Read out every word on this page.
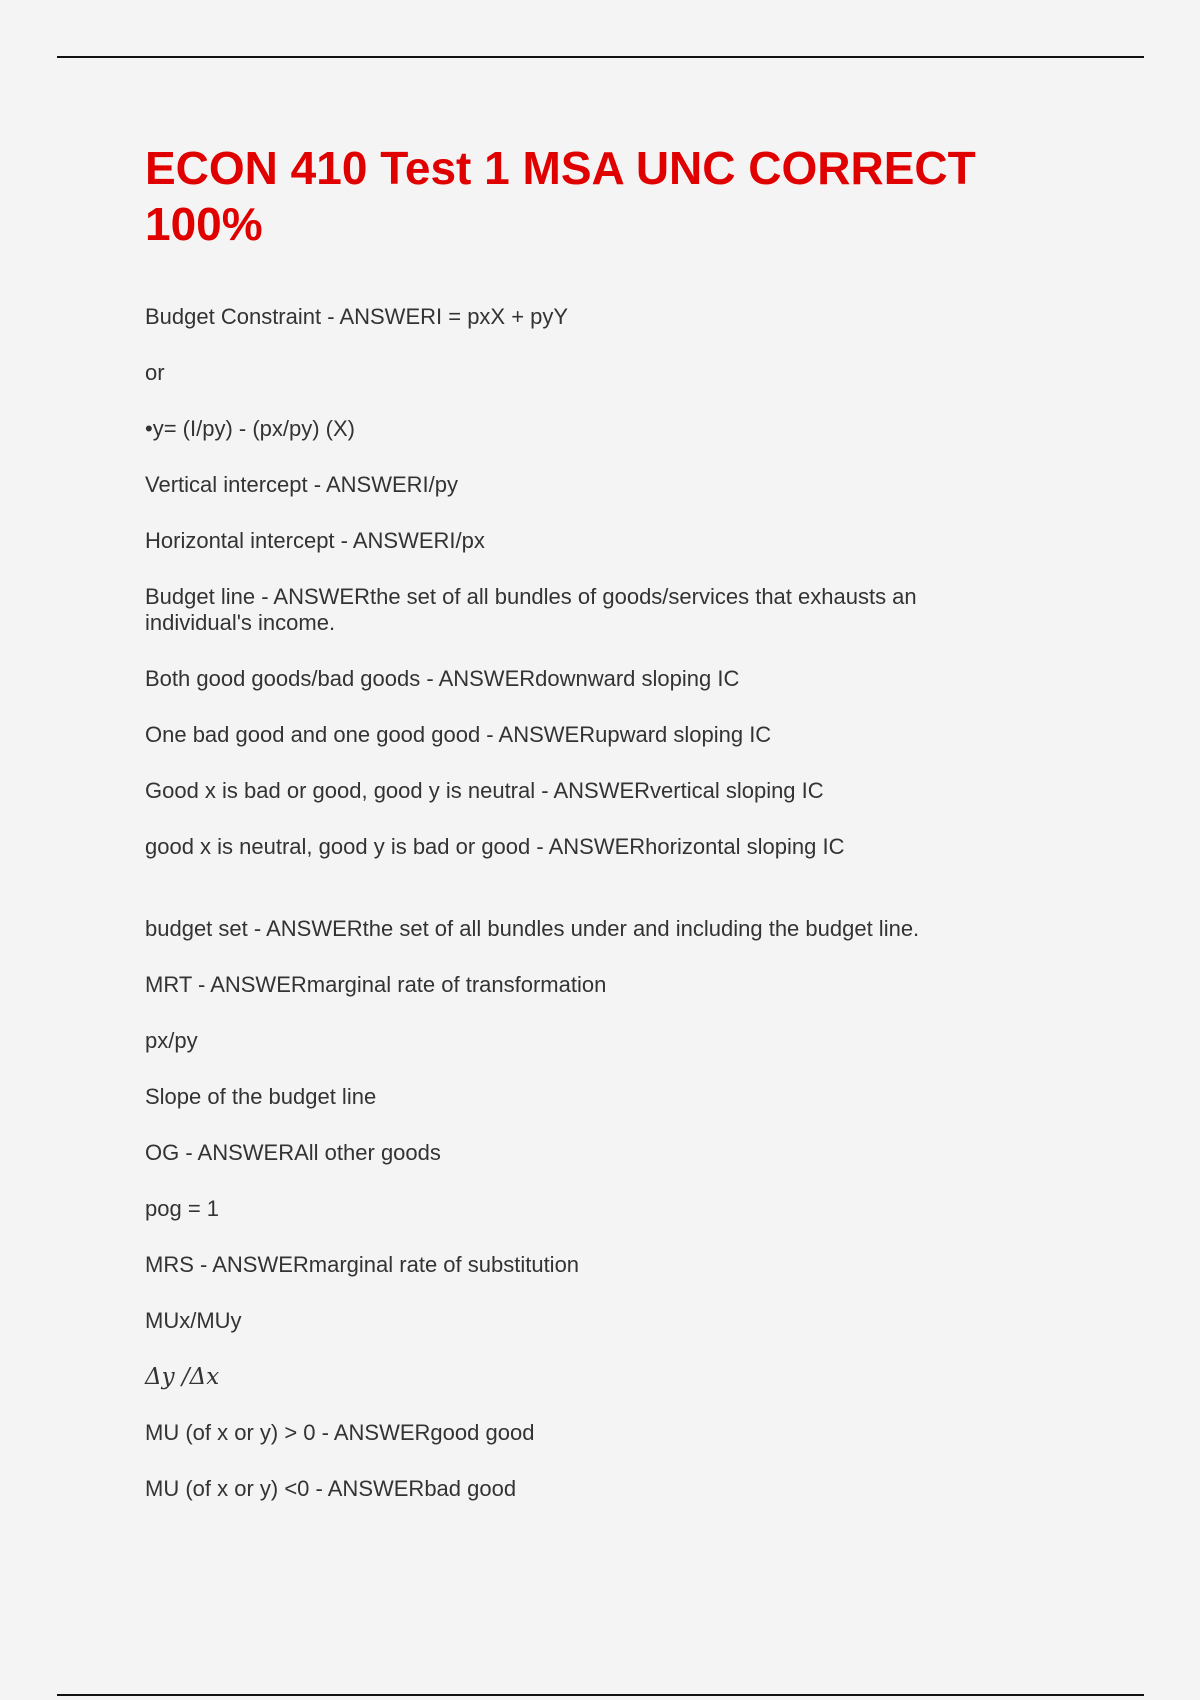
ECON 410 Test 1 MSA UNC CORRECT 100%

Budget Constraint - ANSWERI = pxX + pyY

or

•y= (I/py) - (px/py) (X)

Vertical intercept - ANSWERI/py

Horizontal intercept - ANSWERI/px

Budget line - ANSWERthe set of all bundles of goods/services that exhausts an individual's income.

Both good goods/bad goods - ANSWERdownward sloping IC

One bad good and one good good - ANSWERupward sloping IC

Good x is bad or good, good y is neutral - ANSWERvertical sloping IC

good x is neutral, good y is bad or good - ANSWERhorizontal sloping IC

budget set - ANSWERthe set of all bundles under and including the budget line.

MRT - ANSWERmarginal rate of transformation

px/py

Slope of the budget line

OG - ANSWERAll other goods

pog = 1

MRS - ANSWERmarginal rate of substitution

MUx/MUy

Δy /Δx

MU (of x or y) > 0 - ANSWERgood good

MU (of x or y) <0 - ANSWERbad good
